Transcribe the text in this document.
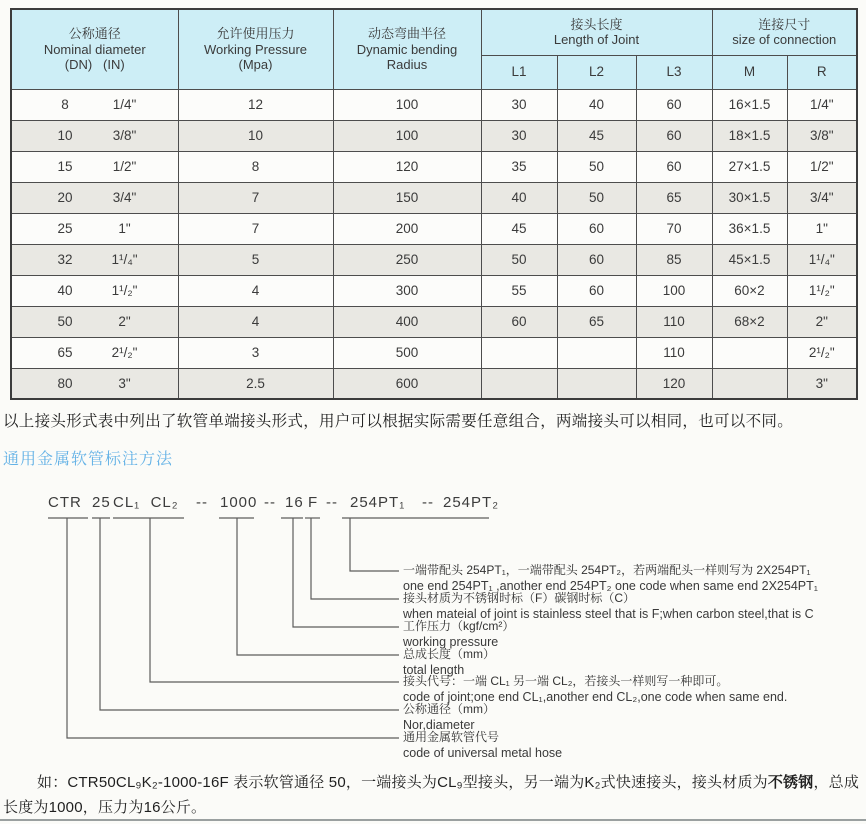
公称通径
Nominal diameter
(DN)   (IN)

允许使用压力
Working Pressure
(Mpa)

动态弯曲半径
Dynamic bending
Radius

接头长度
Length of Joint

连接尺寸
size of connection

			L1	L2	L3	M	R

8 1/4"	12	100	30	40	60	16×1.5	1/4"

10 3/8"	10	100	30	45	60	18×1.5	3/8"

15 1/2"	8	120	35	50	60	27×1.5	1/2"

20 3/4"	7	150	40	50	65	30×1.5	3/4"

25 1"	7	200	45	60	70	36×1.5	1"

32 1¹/₄"	5	250	50	60	85	45×1.5	1¹/₄"

40 1¹/₂"	4	300	55	60	100	60×2	1¹/₂"

50 2"	4	400	60	65	110	68×2	2"

65 2¹/₂"	3	500			110		2¹/₂"

80 3"	2.5	600			120		3"

以上接头形式表中列出了软管单端接头形式，用户可以根据实际需要任意组合，两端接头可以相同，也可以不同。

通用金属软管标注方法
CTR 25 CL₁  CL₂ -- 1000 -- 16 F -- 254PT₁ -- 254PT₂
一端带配头 254PT₁，一端带配头 254PT₂，若两端配头一样则写为 2X254PT₁
one end 254PT₁ ,another end 254PT₂ one code when same end 2X254PT₁
接头材质为不锈钢时标（F）碳钢时标（C）
when mateial of joint is stainless steel that is F;when carbon steel,that is C
工作压力（kgf/cm²）
working pressure
总成长度（mm）
total length
接头代号：一端 CL₁ 另一端 CL₂，若接头一样则写一种即可。
code of joint;one end CL₁,another end CL₂,one code when same end.
公称通径（mm）
Nor,diameter
通用金属软管代号
code of universal metal hose

如：CTR50CL₉K₂-1000-16F 表示软管通径 50，一端接头为CL₉型接头，另一端为K₂式快速接头，接头材质为不锈钢，总成长度为1000，压力为16公斤。
